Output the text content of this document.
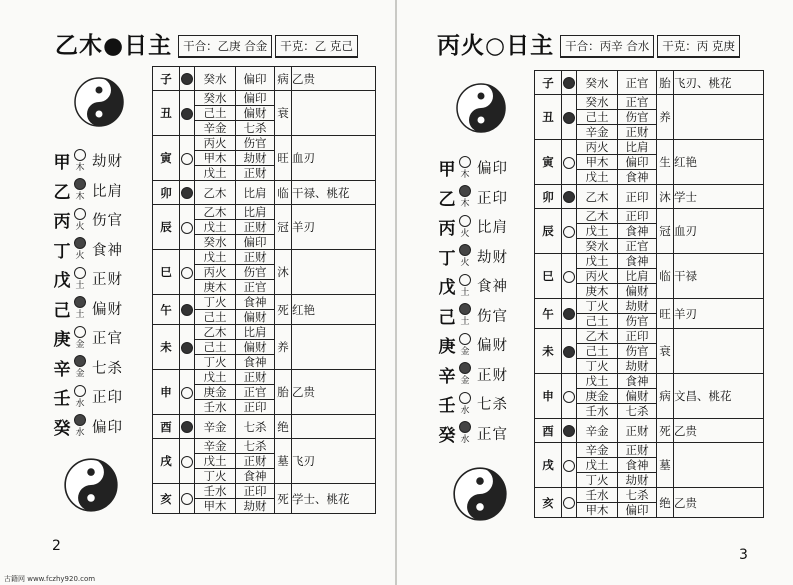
乙木●日主 干合：乙庚 合金	干克：乙 克己
甲 木 劫财
乙 木 比肩
丙 火 伤官
丁 火 食神
戊 土 正财
己 土 偏财
庚 金 正官
辛 金 七杀
壬 水 正印
癸 水 偏印
子		癸水	偏印	病	乙贵
丑		癸水	偏印	衰	
		己土	偏财		
		辛金	七杀		
寅		丙火	伤官	旺	血刃
		甲木	劫财		
		戊土	正财		
卯		乙木	比肩	临	干禄、桃花
辰		乙木	比肩	冠	羊刃
		戊土	正财		
		癸水	偏印		
巳		戊土	正财	沐	
		丙火	伤官		
		庚木	正官		
午		丁火	食神	死	红艳
		己土	偏财		
未		乙木	比肩	养	
		己土	偏财		
		丁火	食神		
申		戊土	正财	胎	乙贵
		庚金	正官		
		壬水	正印		
酉		辛金	七杀	绝	
戌		辛金	七杀	墓	飞刃
		戊土	正财		
		丁火	食神		
亥		壬水	正印	死	学士、桃花
		甲木	劫财		
2
丙火○日主 干合：丙辛 合水	干克：丙 克庚
甲 木 偏印
乙 木 正印
丙 火 比肩
丁 火 劫财
戊 土 食神
己 土 伤官
庚 金 偏财
辛 金 正财
壬 水 七杀
癸 水 正官
子		癸水	正官	胎	飞刃、桃花
丑		癸水	正官	养	
		己土	伤官		
		辛金	正财		
寅		丙火	比肩	生	红艳
		甲木	偏印		
		戊土	食神		
卯		乙木	正印	沐	学士
辰		乙木	正印	冠	血刃
		戊土	食神		
		癸水	正官		
巳		戊土	食神	临	干禄
		丙火	比肩		
		庚木	偏财		
午		丁火	劫财	旺	羊刃
		己土	伤官		
未		乙木	正印	衰	
		己土	伤官		
		丁火	劫财		
申		戊土	食神	病	文昌、桃花
		庚金	偏财		
		壬水	七杀		
酉		辛金	正财	死	乙贵
戌		辛金	正财	墓	
		戊土	食神		
		丁火	劫财		
亥		壬水	七杀	绝	乙贵
		甲木	偏印		
3
古籍网 www.fczhy920.com
